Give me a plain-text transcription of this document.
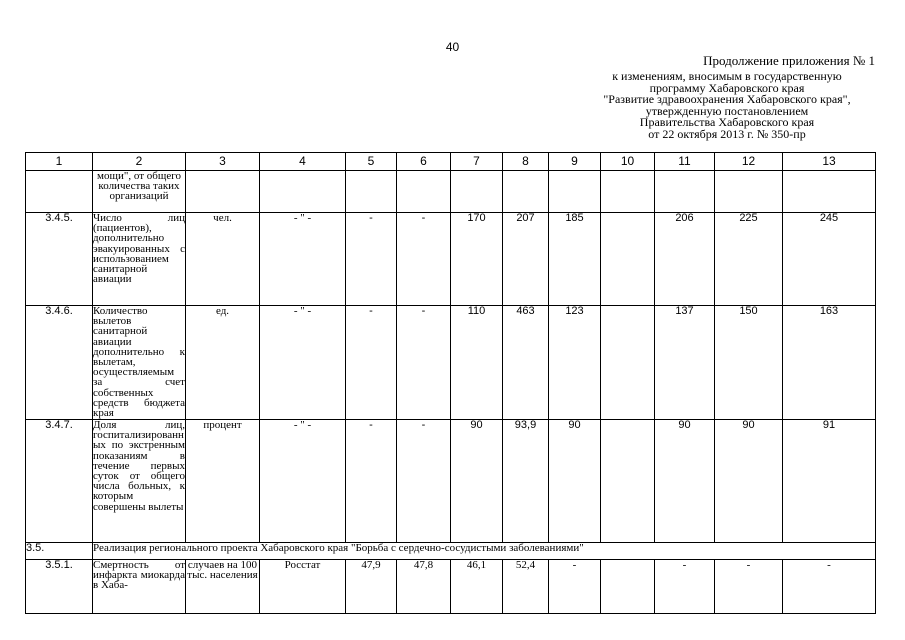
40
Продолжение приложения № 1
к изменениям, вносимым в государственную
программу Хабаровского края
"Развитие здравоохранения Хабаровского края",
утвержденную постановлением
Правительства Хабаровского края
от 22 октября 2013 г. № 350-пр
1	2	3	4	5	6	7	8	9	10	11	12	13
	мощи", от общего количества таких организаций											
3.4.5.	Число лиц (пациентов), дополнительно эвакуированных с использованием санитарной авиации	чел.	- " -	-	-	170	207	185		206	225	245
3.4.6.	Количество вылетов санитарной авиации дополнительно к вылетам, осуществляемым за счет собственных средств бюджета края	ед.	- " -	-	-	110	463	123		137	150	163
3.4.7.	Доля лиц, госпитализированных по экстренным показаниям в течение первых суток от общего числа больных, к которым совершены вылеты	процент	- " -	-	-	90	93,9	90		90	90	91
3.5.	Реализация регионального проекта Хабаровского края "Борьба с сердечно-сосудистыми заболеваниями"											
3.5.1.	Смертность от инфаркта миокарда в Хаба-	случаев на 100 тыс. населения	Росстат	47,9	47,8	46,1	52,4	-		-	-	-
